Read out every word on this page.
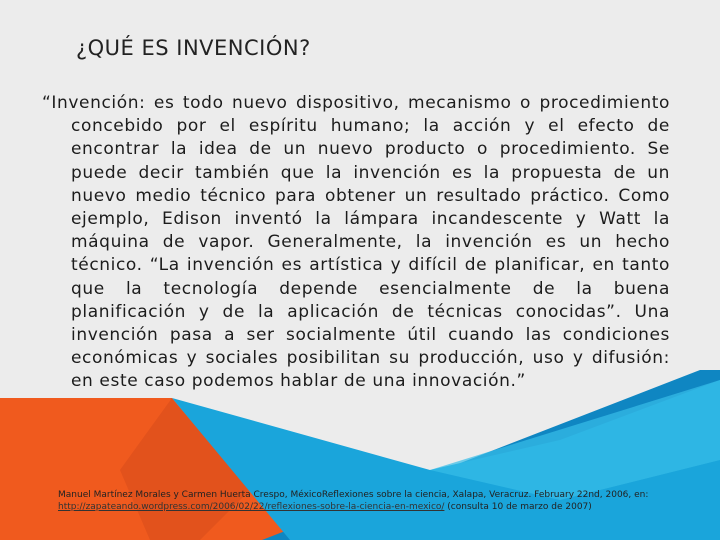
¿QUÉ ES INVENCIÓN?

“Invención: es todo nuevo dispositivo, mecanismo o procedimiento concebido por el espíritu humano; la acción y el efecto de encontrar la idea de un nuevo producto o procedimiento. Se puede decir también que la invención es la propuesta de un nuevo medio técnico para obtener un resultado práctico. Como ejemplo, Edison inventó la lámpara incandescente y Watt la máquina de vapor. Generalmente, la invención es un hecho técnico. “La invención es artística y difícil de planificar, en tanto que la tecnología depende esencialmente de la buena planificación y de la aplicación de técnicas conocidas”. Una invención pasa a ser socialmente útil cuando las condiciones económicas y sociales posibilitan su producción, uso y difusión: en este caso podemos hablar de una innovación.”

Manuel Martínez Morales y Carmen Huerta Crespo, MéxicoReflexiones sobre la ciencia, Xalapa, Veracruz. February 22nd, 2006, en: http://zapateando.wordpress.com/2006/02/22/reflexiones-sobre-la-ciencia-en-mexico/ (consulta 10 de marzo de 2007)
